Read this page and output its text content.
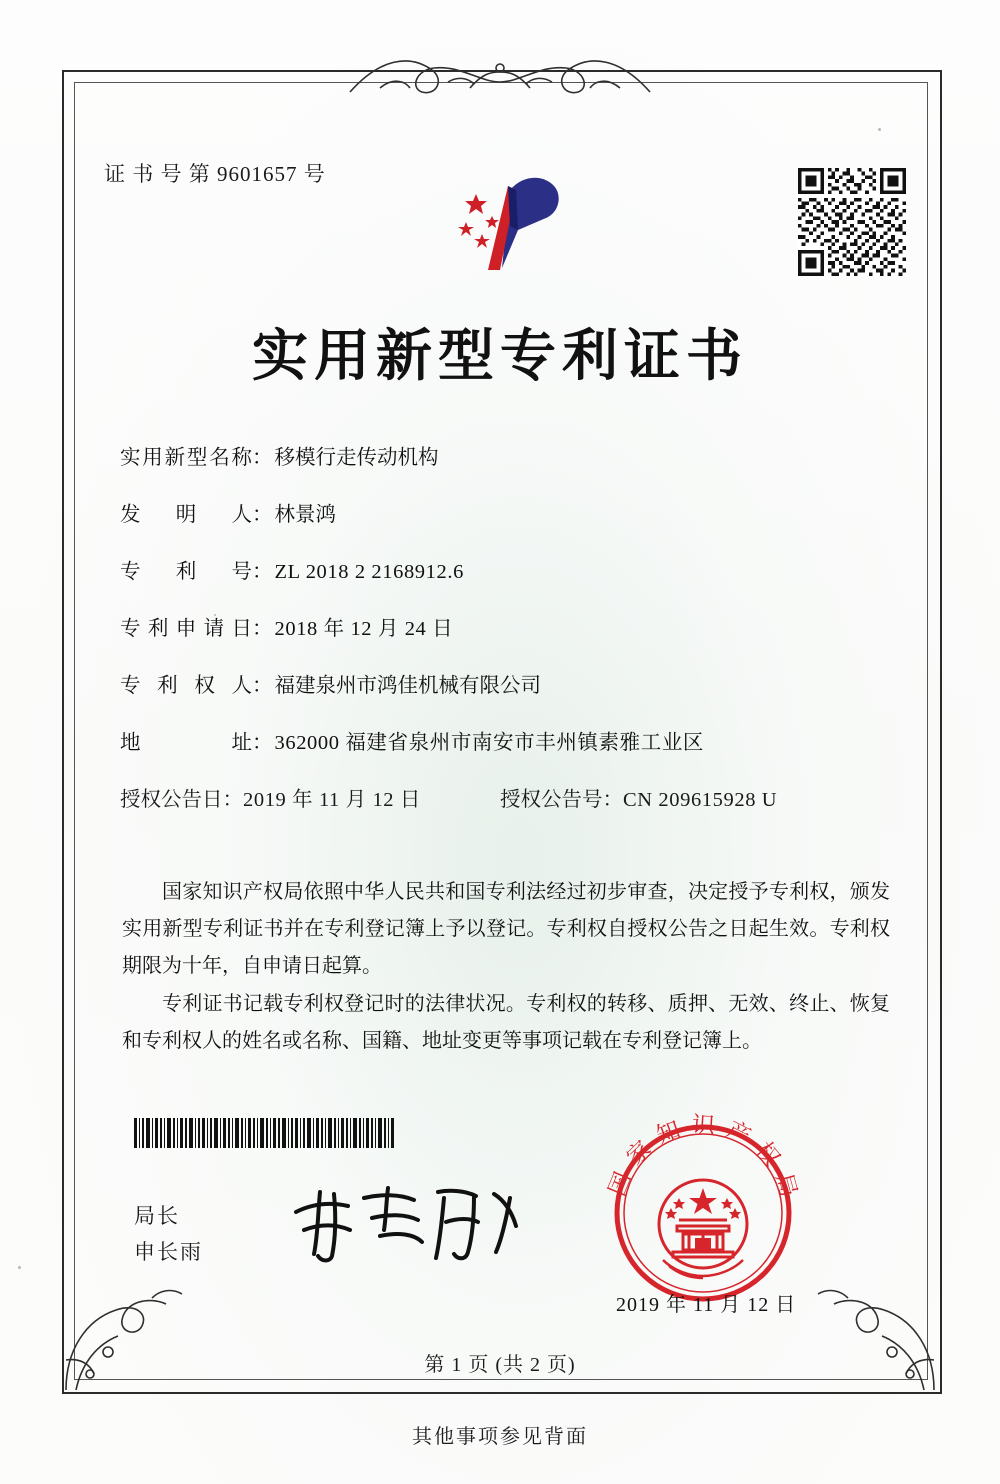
证 书 号 第 9601657 号
实用新型专利证书
实用新型名称：移模行走传动机构
发明人：林景鸿
专利号：ZL 2018 2 2168912.6
专利申请日：2018 年 12 月 24 日
专利权人：福建泉州市鸿佳机械有限公司
地址：362000 福建省泉州市南安市丰州镇素雅工业区
授权公告日：2019 年 11 月 12 日	授权公告号：CN 209615928 U
国家知识产权局依照中华人民共和国专利法经过初步审查，决定授予专利权，颁发实用新型专利证书并在专利登记簿上予以登记。专利权自授权公告之日起生效。专利权期限为十年，自申请日起算。
专利证书记载专利权登记时的法律状况。专利权的转移、质押、无效、终止、恢复和专利权人的姓名或名称、国籍、地址变更等事项记载在专利登记簿上。
局长
申长雨
国家知识产权局
2019 年 11 月 12 日
第 1 页 (共 2 页)
其他事项参见背面
